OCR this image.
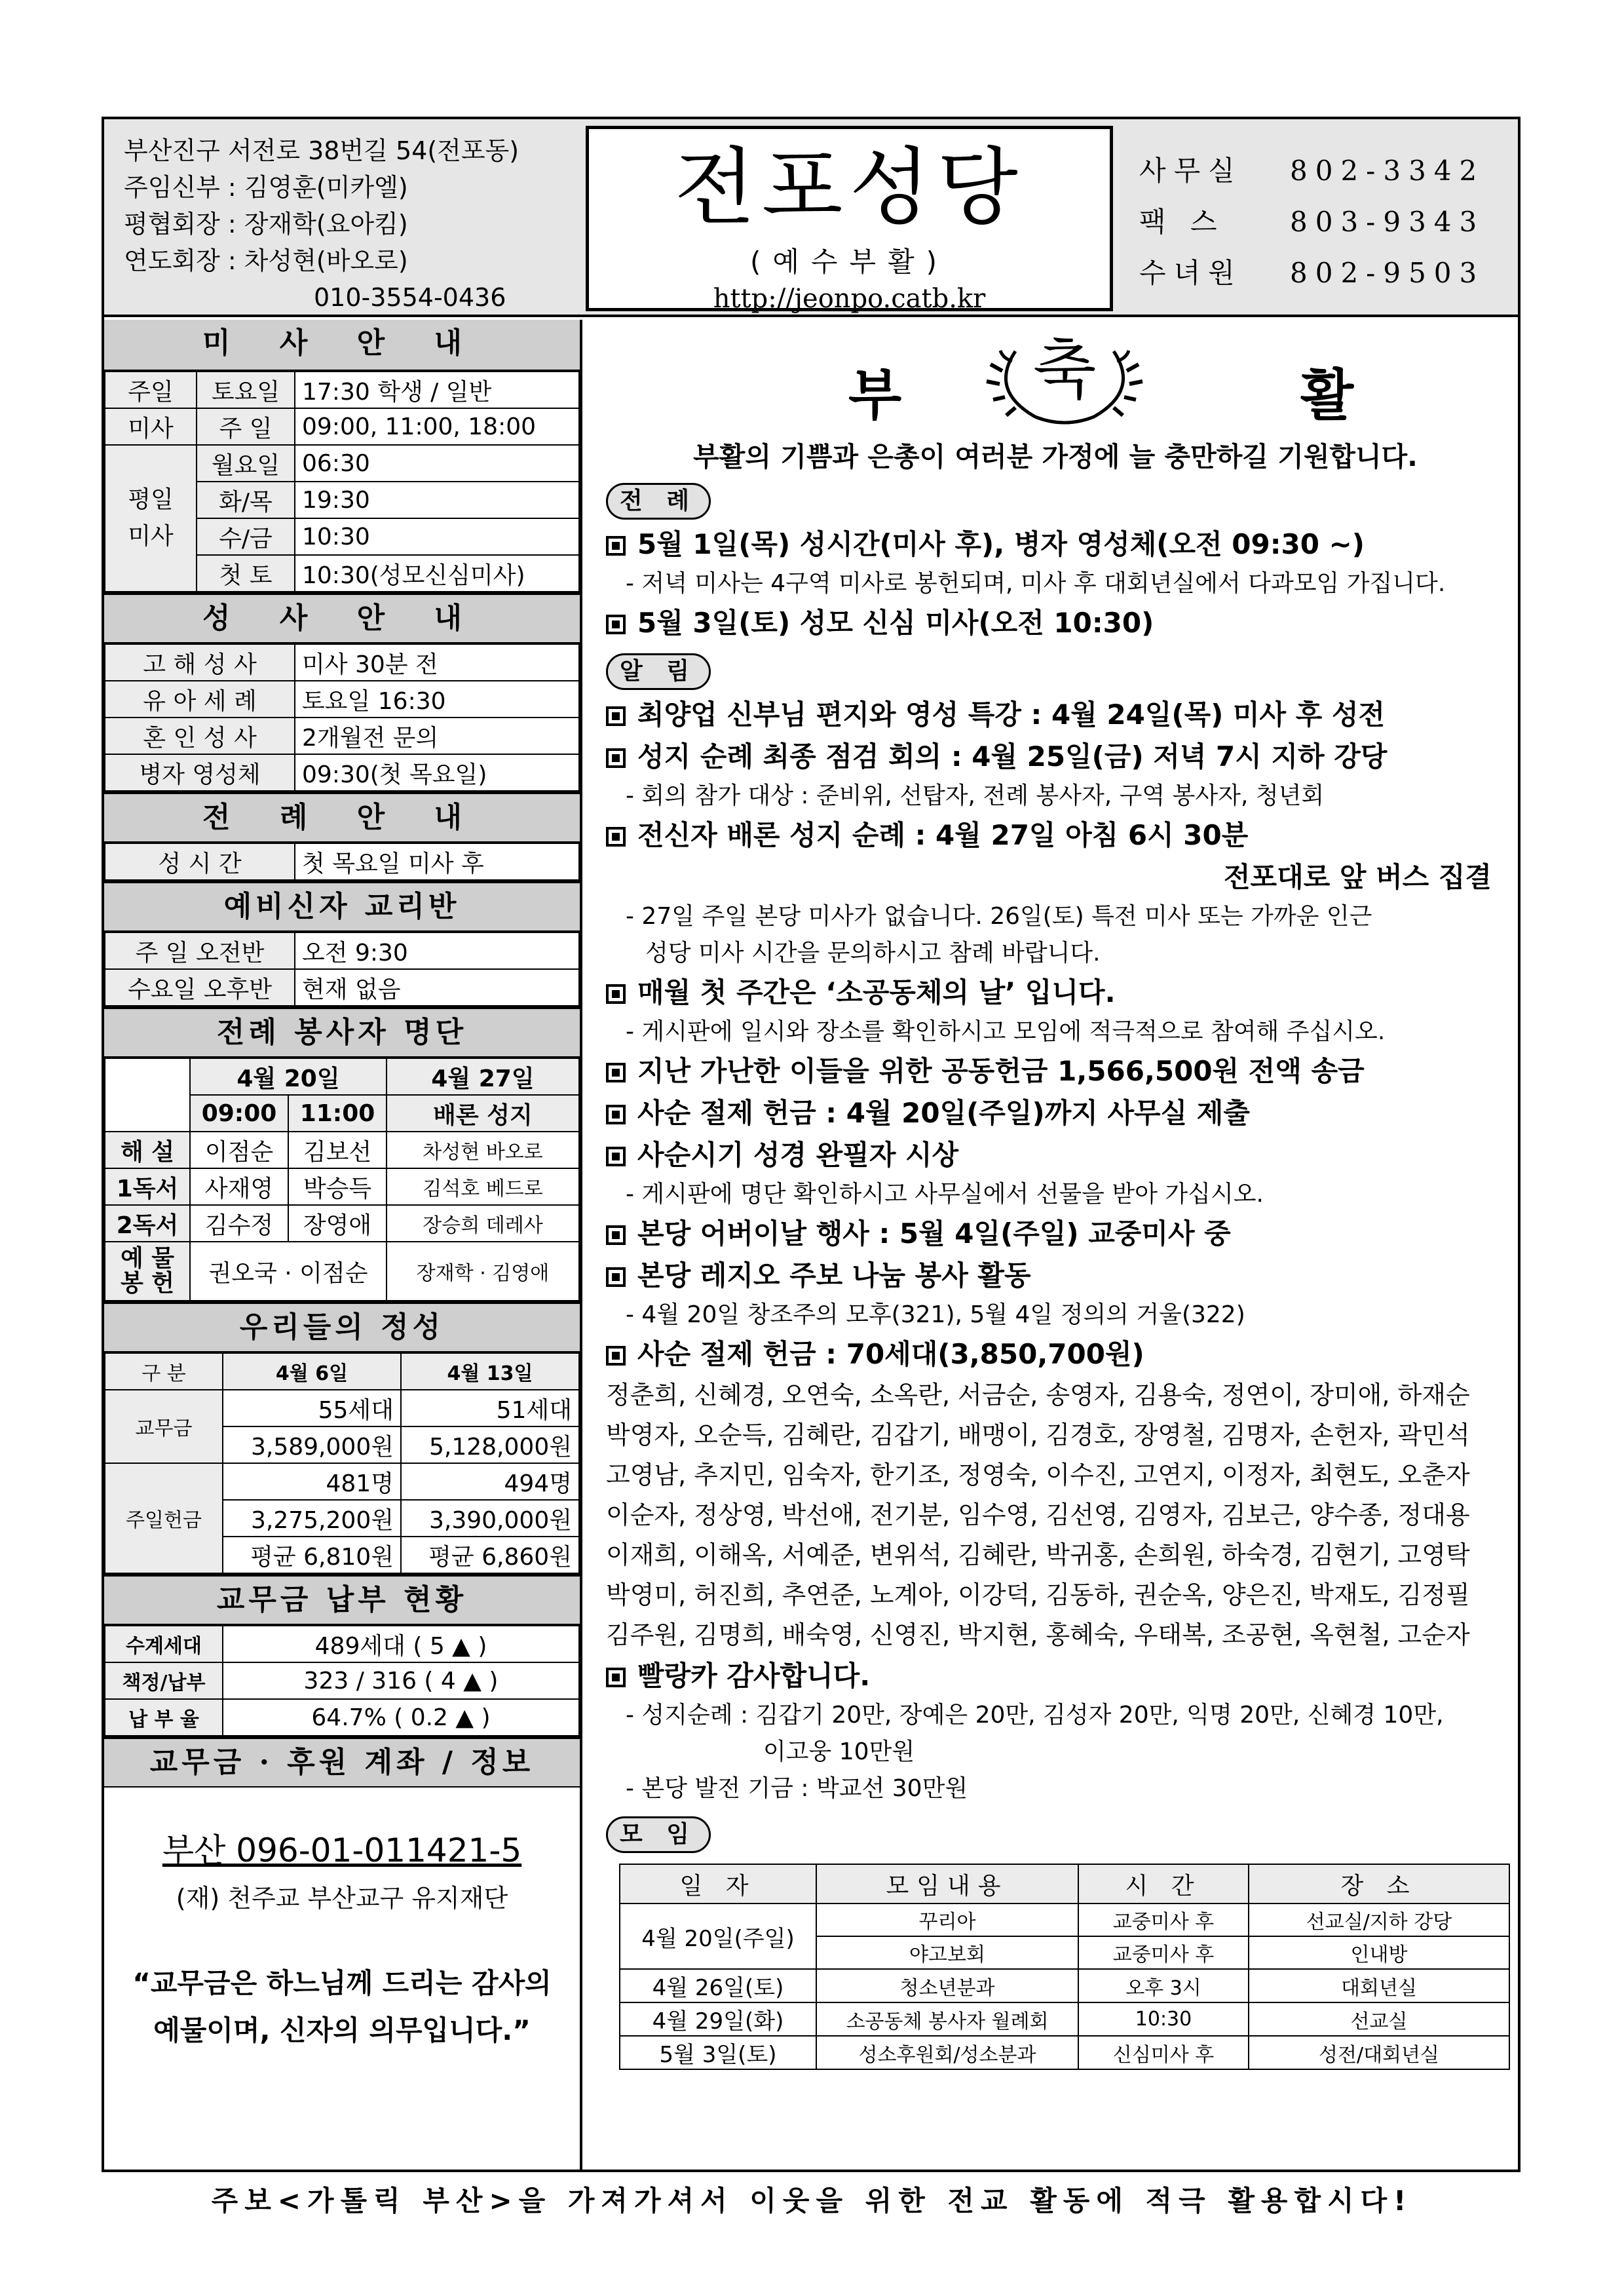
부산진구 서전로 38번길 54(전포동)
주임신부 : 김영훈(미카엘)
평협회장 : 장재학(요아킴)
연도회장 : 차성현(바오로)
010-3554-0436
전포성당
(예수부활)
http://jeonpo.catb.kr
사무실 802-3342
팩 스 803-9343
수녀원 802-9503
미 사 안 내
주일	토요일	17:30 학생 / 일반
미사	주 일	09:00, 11:00, 18:00
평일
미사	월요일	06:30
	화/목	19:30
	수/금	10:30
	첫 토	10:30(성모신심미사)
성 사 안 내
고 해 성 사	미사 30분 전
유 아 세 례	토요일 16:30
혼 인 성 사	2개월전 문의
병자 영성체	09:30(첫 목요일)
전 례 안 내
성 시 간	첫 목요일 미사 후
예비신자 교리반
주 일 오전반	오전 9:30
수요일 오후반	현재 없음
전례 봉사자 명단
	4월 20일		4월 27일
	09:00	11:00	배론 성지
해 설	이점순	김보선	차성현 바오로
1독서	사재영	박승득	김석호 베드로
2독서	김수정	장영애	장승희 데레사
예 물 봉 헌	권오국 · 이점순		장재학 · 김영애
우리들의 정성
구 분	4월 6일	4월 13일
교무금	55세대	51세대
	3,589,000원	5,128,000원
주일헌금	481명	494명
	3,275,200원	3,390,000원
	평균 6,810원	평균 6,860원
교무금 납부 현황
수계세대	489세대 ( 5 ▲ )
책정/납부	323 / 316 ( 4 ▲ )
납 부 율	64.7% ( 0.2 ▲ )
교무금 · 후원 계좌 / 정보
부산 096-01-011421-5
(재) 천주교 부산교구 유지재단
“교무금은 하느님께 드리는 감사의
예물이며, 신자의 의무입니다.”
부	축	활
부활의 기쁨과 은총이 여러분 가정에 늘 충만하길 기원합니다.
전 례
5월 1일(목) 성시간(미사 후), 병자 영성체(오전 09:30 ~)
- 저녁 미사는 4구역 미사로 봉헌되며, 미사 후 대회년실에서 다과모임 가집니다.
5월 3일(토) 성모 신심 미사(오전 10:30)
알 림
최양업 신부님 편지와 영성 특강 : 4월 24일(목) 미사 후 성전
성지 순례 최종 점검 회의 : 4월 25일(금) 저녁 7시 지하 강당
- 회의 참가 대상 : 준비위, 선탑자, 전례 봉사자, 구역 봉사자, 청년회
전신자 배론 성지 순례 : 4월 27일 아침 6시 30분
전포대로 앞 버스 집결
- 27일 주일 본당 미사가 없습니다. 26일(토) 특전 미사 또는 가까운 인근
성당 미사 시간을 문의하시고 참례 바랍니다.
매월 첫 주간은 ‘소공동체의 날’ 입니다.
- 게시판에 일시와 장소를 확인하시고 모임에 적극적으로 참여해 주십시오.
지난 가난한 이들을 위한 공동헌금 1,566,500원 전액 송금
사순 절제 헌금 : 4월 20일(주일)까지 사무실 제출
사순시기 성경 완필자 시상
- 게시판에 명단 확인하시고 사무실에서 선물을 받아 가십시오.
본당 어버이날 행사 : 5월 4일(주일) 교중미사 중
본당 레지오 주보 나눔 봉사 활동
- 4월 20일 창조주의 모후(321), 5월 4일 정의의 거울(322)
사순 절제 헌금 : 70세대(3,850,700원)
정춘희, 신혜경, 오연숙, 소옥란, 서금순, 송영자, 김용숙, 정연이, 장미애, 하재순
박영자, 오순득, 김혜란, 김갑기, 배맹이, 김경호, 장영철, 김명자, 손헌자, 곽민석
고영남, 추지민, 임숙자, 한기조, 정영숙, 이수진, 고연지, 이정자, 최현도, 오춘자
이순자, 정상영, 박선애, 전기분, 임수영, 김선영, 김영자, 김보근, 양수종, 정대용
이재희, 이해옥, 서예준, 변위석, 김혜란, 박귀홍, 손희원, 하숙경, 김현기, 고영탁
박영미, 허진희, 추연준, 노계아, 이강덕, 김동하, 권순옥, 양은진, 박재도, 김정필
김주원, 김명희, 배숙영, 신영진, 박지현, 홍혜숙, 우태복, 조공현, 옥현철, 고순자
빨랑카 감사합니다.
- 성지순례 : 김갑기 20만, 장예은 20만, 김성자 20만, 익명 20만, 신혜경 10만,
이고웅 10만원
- 본당 발전 기금 : 박교선 30만원
모 임
일 자	모임내용	시 간	장 소
4월 20일(주일)	꾸리아	교중미사 후	선교실/지하 강당
	야고보회	교중미사 후	인내방
4월 26일(토)	청소년분과	오후 3시	대회년실
4월 29일(화)	소공동체 봉사자 월례회	10:30	선교실
5월 3일(토)	성소후원회/성소분과	신심미사 후	성전/대회년실
주보<가톨릭 부산>을 가져가셔서 이웃을 위한 전교 활동에 적극 활용합시다!
